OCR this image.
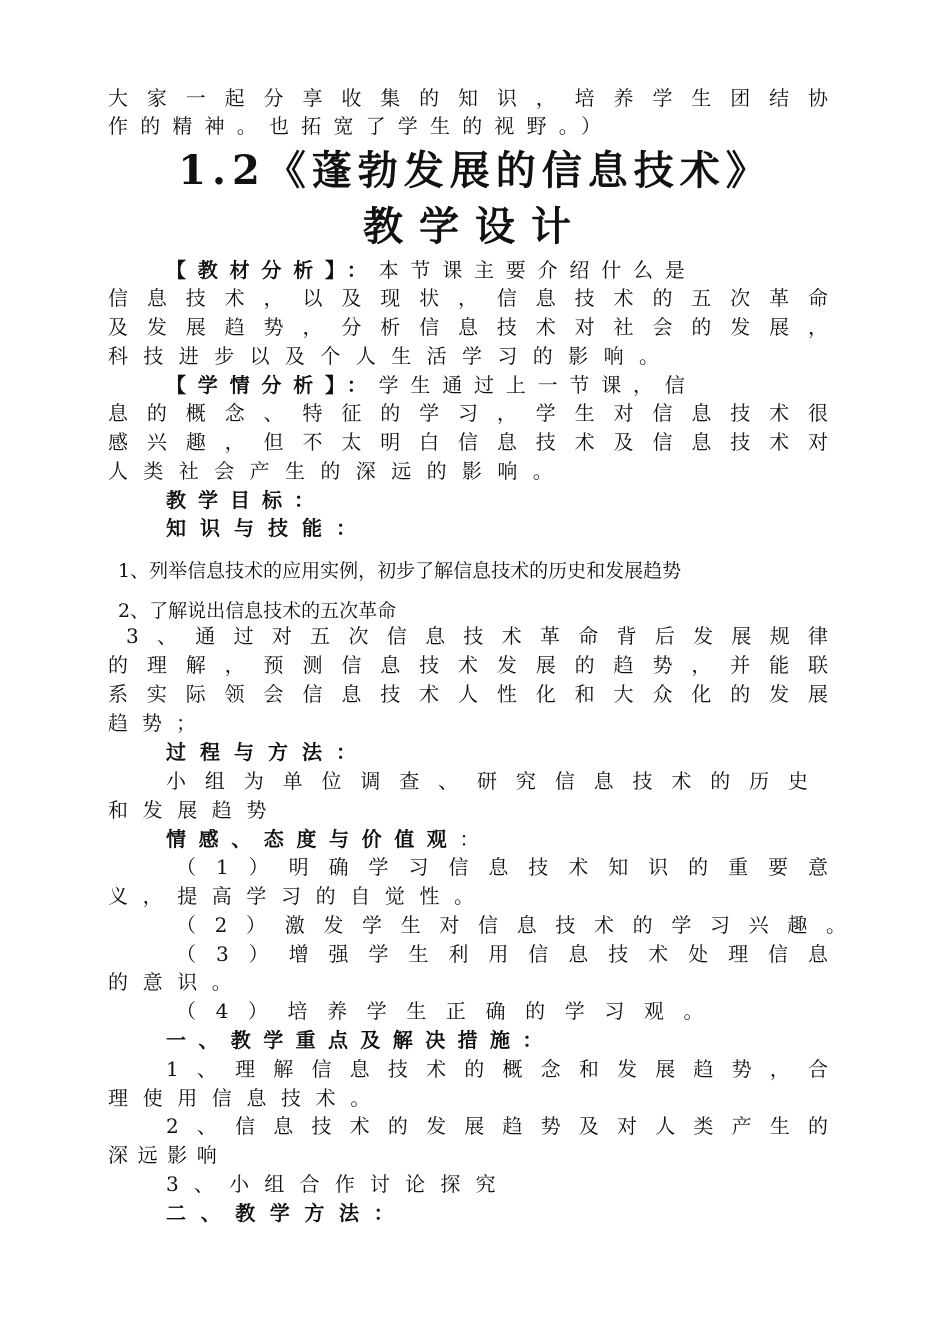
大家一起分享收集的知识，培养学生团结协
作的精神。也拓宽了学生的视野。）
1.2《蓬勃发展的信息技术》
教学设计
【教材分析】：本节课主要介绍什么是
信息技术，以及现状，信息技术的五次革命
及发展趋势，分析信息技术对社会的发展，
科技进步以及个人生活学习的影响。
【学情分析】：学生通过上一节课，信
息的概念、特征的学习，学生对信息技术很
感兴趣，但不太明白信息技术及信息技术对
人类社会产生的深远的影响。
教学目标：
知识与技能：
1、列举信息技术的应用实例，初步了解信息技术的历史和发展趋势
2、了解说出信息技术的五次革命
3、通过对五次信息技术革命背后发展规律
的理解，预测信息技术发展的趋势，并能联
系实际领会信息技术人性化和大众化的发展
趋势；
过程与方法：
小组为单位调查、研究信息技术的历史
和发展趋势
情感、态度与价值观：
（1）明确学习信息技术知识的重要意
义，提高学习的自觉性。
（2）激发学生对信息技术的学习兴趣。
（3）增强学生利用信息技术处理信息
的意识。
（4）培养学生正确的学习观。
一、教学重点及解决措施：
1、理解信息技术的概念和发展趋势，合
理使用信息技术。
2、信息技术的发展趋势及对人类产生的
深远影响
3、小组合作讨论探究
二、教学方法：
